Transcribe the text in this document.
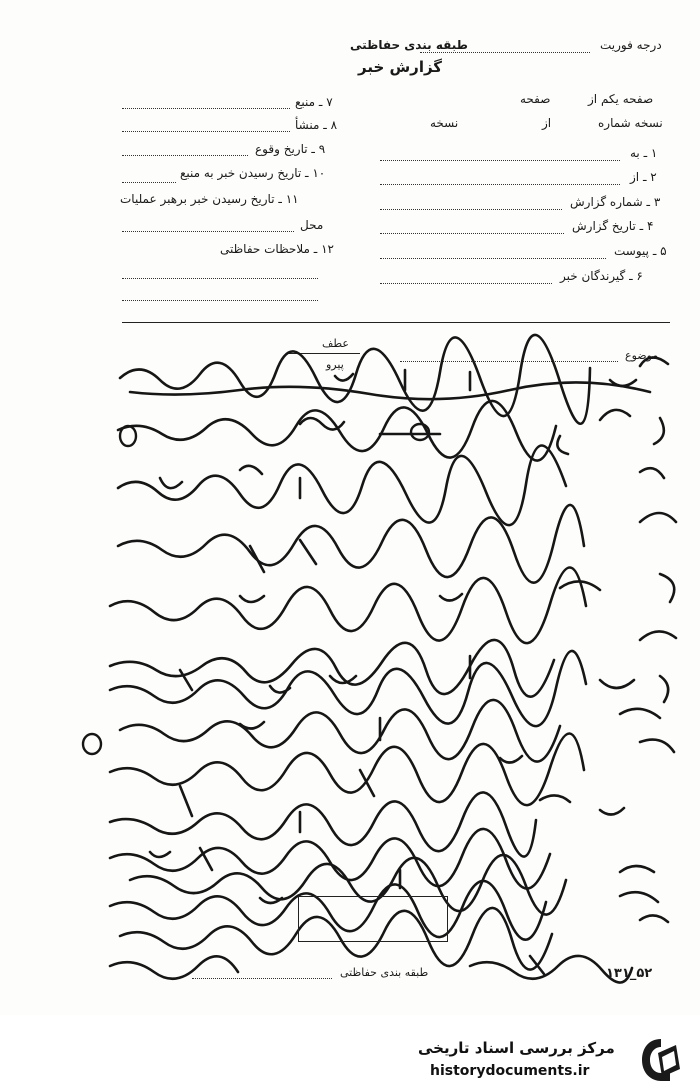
طبقه بندی حفاظتی
گزارش خبر
درجه فوریت
صفحه یکم از
صفحه
نسخه شماره
از
نسخه
۷ ـ منبع
۸ ـ منشأ
۹ ـ تاریخ وقوع
۱۰ ـ تاریخ رسیدن خبر به منبع
۱۱ ـ تاریخ رسیدن خبر برهبر عملیات
محل
۱۲ ـ ملاحظات حفاظتی
۱ ـ به
۲ ـ از
۳ ـ شماره گزارش
۴ ـ تاریخ گزارش
۵ ـ پیوست
۶ ـ گیرندگان خبر
عطف
پیرو
موضوع
طبقه بندی حفاظتی	۵۲_۱۳۱
مرکز بررسی اسناد تاریخی
historydocuments.ir
